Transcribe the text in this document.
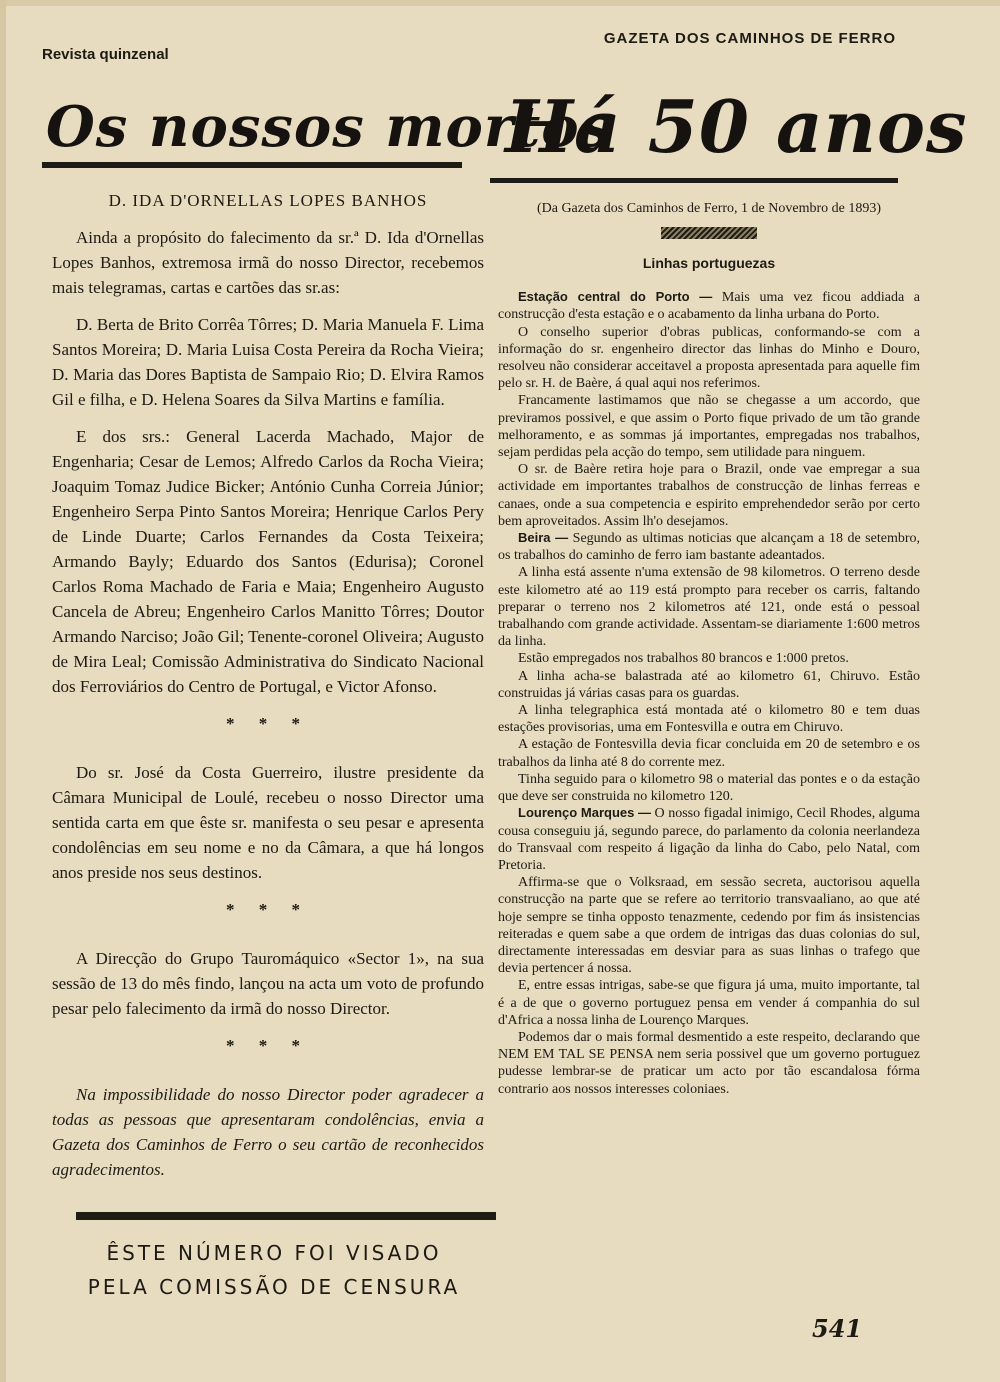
Revista quinzenal
GAZETA DOS CAMINHOS DE FERRO
Os nossos mortos
Há 50 anos

D. IDA D'ORNELLAS LOPES BANHOS

Ainda a propósito do falecimento da sr.ª D. Ida d'Ornellas Lopes Banhos, extremosa irmã do nosso Director, recebemos mais telegramas, cartas e cartões das sr.as:

D. Berta de Brito Corrêa Tôrres; D. Maria Manuela F. Lima Santos Moreira; D. Maria Luisa Costa Pereira da Rocha Vieira; D. Maria das Dores Baptista de Sampaio Rio; D. Elvira Ramos Gil e filha, e D. Helena Soares da Silva Martins e família.

E dos srs.: General Lacerda Machado, Major de Engenharia; Cesar de Lemos; Alfredo Carlos da Rocha Vieira; Joaquim Tomaz Judice Bicker; António Cunha Correia Júnior; Engenheiro Serpa Pinto Santos Moreira; Henrique Carlos Pery de Linde Duarte; Carlos Fernandes da Costa Teixeira; Armando Bayly; Eduardo dos Santos (Edurisa); Coronel Carlos Roma Machado de Faria e Maia; Engenheiro Augusto Cancela de Abreu; Engenheiro Carlos Manitto Tôrres; Doutor Armando Narciso; João Gil; Tenente-coronel Oliveira; Augusto de Mira Leal; Comissão Administrativa do Sindicato Nacional dos Ferroviários do Centro de Portugal, e Victor Afonso.

* * *

Do sr. José da Costa Guerreiro, ilustre presidente da Câmara Municipal de Loulé, recebeu o nosso Director uma sentida carta em que êste sr. manifesta o seu pesar e apresenta condolências em seu nome e no da Câmara, a que há longos anos preside nos seus destinos.

* * *

A Direcção do Grupo Tauromáquico «Sector 1», na sua sessão de 13 do mês findo, lançou na acta um voto de profundo pesar pelo falecimento da irmã do nosso Director.

* * *

Na impossibilidade do nosso Director poder agradecer a todas as pessoas que apresentaram condolências, envia a Gazeta dos Caminhos de Ferro o seu cartão de reconhecidos agradecimentos.

ÊSTE NÚMERO FOI VISADO
PELA COMISSÃO DE CENSURA

(Da Gazeta dos Caminhos de Ferro, 1 de Novembro de 1893)

Linhas portuguezas

Estação central do Porto — Mais uma vez ficou addiada a construcção d'esta estação e o acabamento da linha urbana do Porto.

O conselho superior d'obras publicas, conformando-se com a informação do sr. engenheiro director das linhas do Minho e Douro, resolveu não considerar acceitavel a proposta apresentada para aquelle fim pelo sr. H. de Baère, á qual aqui nos referimos.

Francamente lastimamos que não se chegasse a um accordo, que previramos possivel, e que assim o Porto fique privado de um tão grande melhoramento, e as sommas já importantes, empregadas nos trabalhos, sejam perdidas pela acção do tempo, sem utilidade para ninguem.

O sr. de Baère retira hoje para o Brazil, onde vae empregar a sua actividade em importantes trabalhos de construcção de linhas ferreas e canaes, onde a sua competencia e espirito emprehendedor serão por certo bem aproveitados. Assim lh'o desejamos.

Beira — Segundo as ultimas noticias que alcançam a 18 de setembro, os trabalhos do caminho de ferro iam bastante adeantados.

A linha está assente n'uma extensão de 98 kilometros. O terreno desde este kilometro até ao 119 está prompto para receber os carris, faltando preparar o terreno nos 2 kilometros até 121, onde está o pessoal trabalhando com grande actividade. Assentam-se diariamente 1:600 metros da linha.

Estão empregados nos trabalhos 80 brancos e 1:000 pretos.

A linha acha-se balastrada até ao kilometro 61, Chiruvo. Estão construidas já várias casas para os guardas.

A linha telegraphica está montada até o kilometro 80 e tem duas estações provisorias, uma em Fontesvilla e outra em Chiruvo.

A estação de Fontesvilla devia ficar concluida em 20 de setembro e os trabalhos da linha até 8 do corrente mez.

Tinha seguido para o kilometro 98 o material das pontes e o da estação que deve ser construida no kilometro 120.

Lourenço Marques — O nosso figadal inimigo, Cecil Rhodes, alguma cousa conseguiu já, segundo parece, do parlamento da colonia neerlandeza do Transvaal com respeito á ligação da linha do Cabo, pelo Natal, com Pretoria.

Affirma-se que o Volksraad, em sessão secreta, auctorisou aquella construcção na parte que se refere ao territorio transvaaliano, ao que até hoje sempre se tinha opposto tenazmente, cedendo por fim ás insistencias reiteradas e quem sabe a que ordem de intrigas das duas colonias do sul, directamente interessadas em desviar para as suas linhas o trafego que devia pertencer á nossa.

E, entre essas intrigas, sabe-se que figura já uma, muito importante, tal é a de que o governo portuguez pensa em vender á companhia do sul d'Africa a nossa linha de Lourenço Marques.

Podemos dar o mais formal desmentido a este respeito, declarando que NEM EM TAL SE PENSA nem seria possivel que um governo portuguez pudesse lembrar-se de praticar um acto por tão escandalosa fórma contrario aos nossos interesses coloniaes.

541
